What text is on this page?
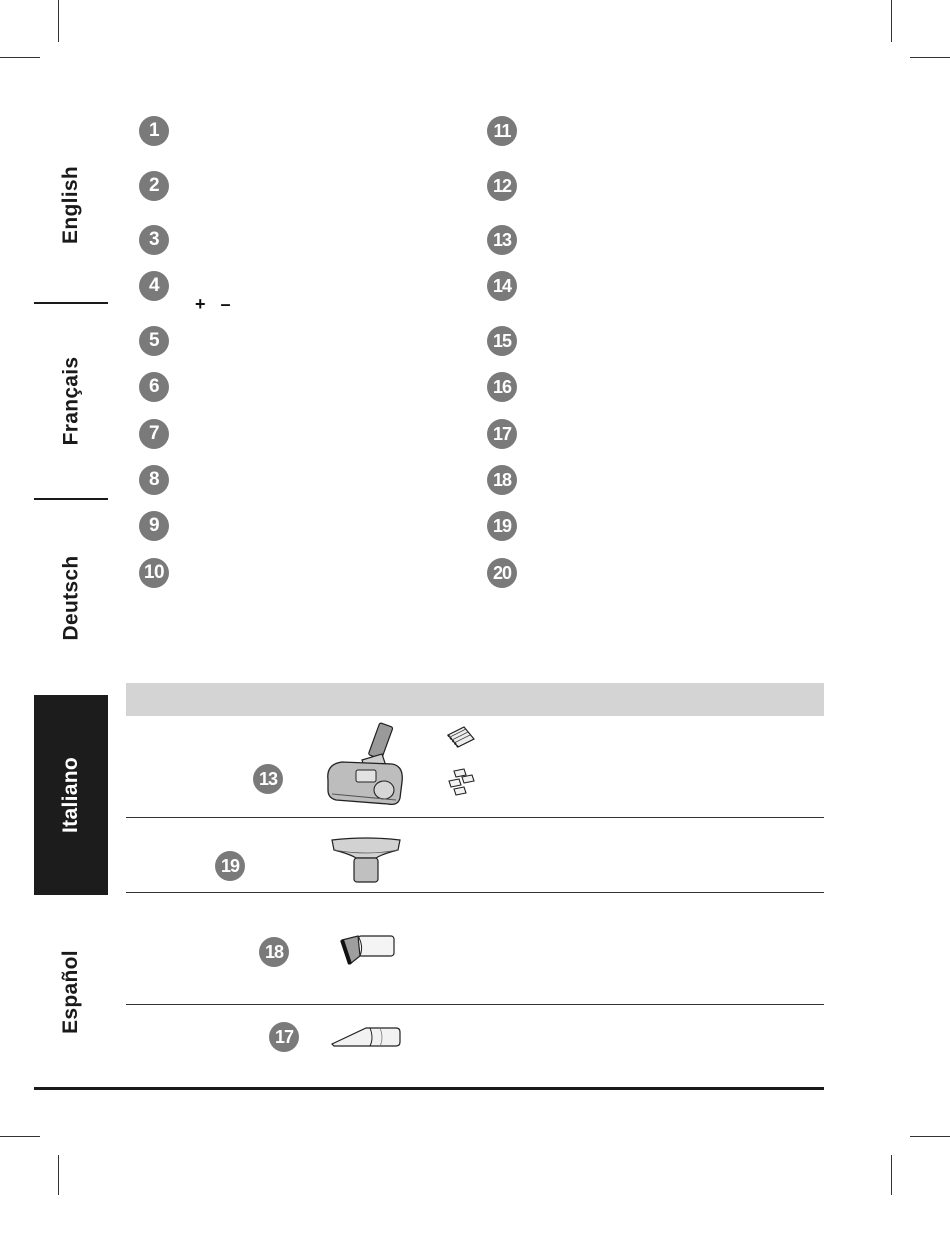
English
Français
Deutsch
Italiano
Español
1
2
3
4
5
6
7
8
9
10
+ –
11
12
13
14
15
16
17
18
19
20
13
19
18
17
